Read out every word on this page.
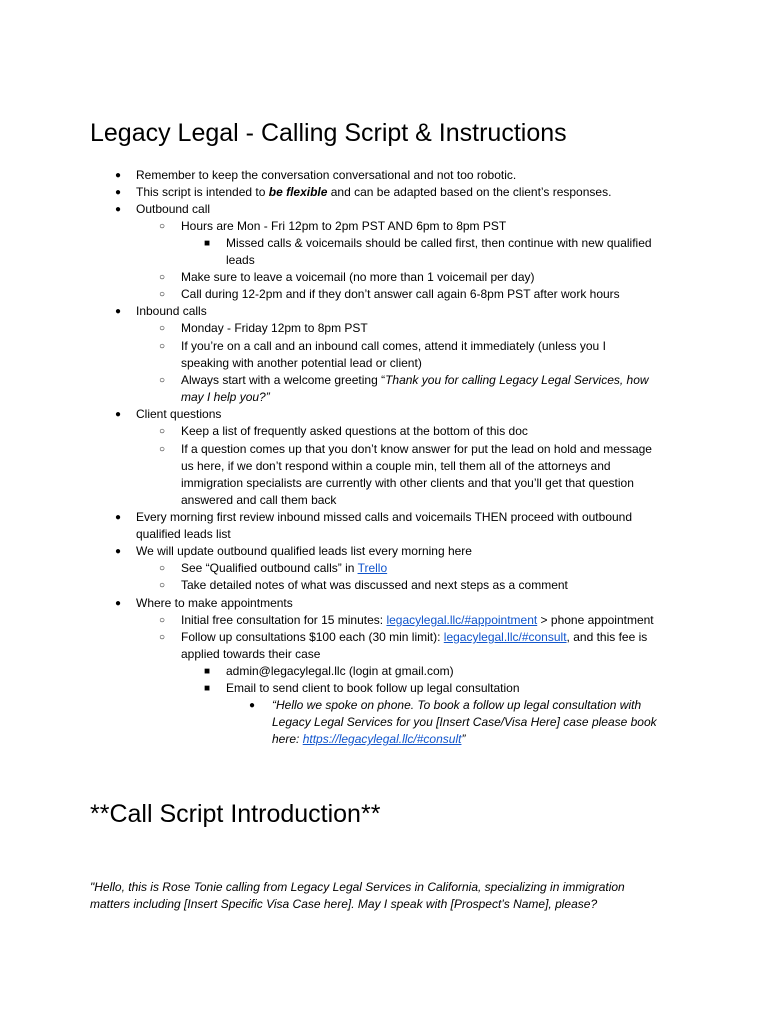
Legacy Legal - Calling Script & Instructions
●	Remember to keep the conversation conversational and not too robotic.
●	This script is intended to be flexible and can be adapted based on the client’s responses.
●	Outbound call
○	Hours are Mon - Fri 12pm to 2pm PST AND 6pm to 8pm PST
■	Missed calls & voicemails should be called first, then continue with new qualified
leads
○	Make sure to leave a voicemail (no more than 1 voicemail per day)
○	Call during 12-2pm and if they don’t answer call again 6-8pm PST after work hours
●	Inbound calls
○	Monday - Friday 12pm to 8pm PST
○	If you’re on a call and an inbound call comes, attend it immediately (unless you I
speaking with another potential lead or client)
○	Always start with a welcome greeting “Thank you for calling Legacy Legal Services, how
may I help you?”
●	Client questions
○	Keep a list of frequently asked questions at the bottom of this doc
○	If a question comes up that you don’t know answer for put the lead on hold and message
us here, if we don’t respond within a couple min, tell them all of the attorneys and
immigration specialists are currently with other clients and that you’ll get that question
answered and call them back
●	Every morning first review inbound missed calls and voicemails THEN proceed with outbound
qualified leads list
●	We will update outbound qualified leads list every morning here
○	See “Qualified outbound calls” in Trello
○	Take detailed notes of what was discussed and next steps as a comment
●	Where to make appointments
○	Initial free consultation for 15 minutes: legacylegal.llc/#appointment > phone appointment
○	Follow up consultations $100 each (30 min limit): legacylegal.llc/#consult, and this fee is
applied towards their case
■	admin@legacylegal.llc (login at gmail.com)
■	Email to send client to book follow up legal consultation
●	“Hello we spoke on phone. To book a follow up legal consultation with
Legacy Legal Services for you [Insert Case/Visa Here] case please book
here: https://legacylegal.llc/#consult”
**Call Script Introduction**
"Hello, this is Rose Tonie calling from Legacy Legal Services in California, specializing in immigration
matters including [Insert Specific Visa Case here]. May I speak with [Prospect’s Name], please?
